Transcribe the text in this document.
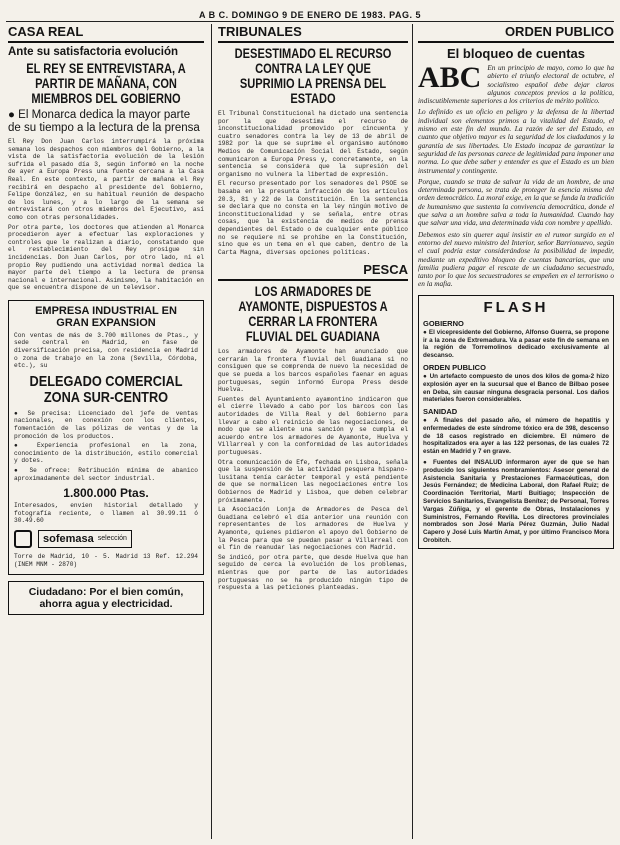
A B C. DOMINGO 9 DE ENERO DE 1983. PAG. 5
CASA REAL
Ante su satisfactoria evolución
EL REY SE ENTREVISTARA, A PARTIR DE MAÑANA, CON MIEMBROS DEL GOBIERNO
● El Monarca dedica la mayor parte de su tiempo a la lectura de la prensa

El Rey Don Juan Carlos interrumpirá la próxima semana los despachos con miembros del Gobierno, a la vista de la satisfactoria evolución de la lesión sufrida el pasado día 3, según informó en la noche de ayer a Europa Press una fuente cercana a la Casa Real. En este contexto, a partir de mañana el Rey recibirá en despacho al presidente del Gobierno, Felipe González, en su habitual reunión de despacho de los lunes, y a lo largo de la semana se entrevistará con otros miembros del Ejecutivo, así como con otras personalidades.

Por otra parte, los doctores que atienden al Monarca procedieron ayer a efectuar las exploraciones y controles que le realizan a diario, constatando que el restablecimiento del Rey prosigue sin incidencias. Don Juan Carlos, por otro lado, ni el propio Rey pudiendo una actividad normal dedica la mayor parte del tiempo a la lectura de prensa nacional e internacional. Asimismo, la habitación en que se encuentra dispone de un televisor.

EMPRESA INDUSTRIAL EN
GRAN EXPANSION

Con ventas de más de 3.700 millones de Ptas., y sede central en Madrid, en fase de diversificación precisa, con residencia en Madrid o zona de trabajo en la zona (Sevilla, Córdoba, etc.), su

DELEGADO COMERCIAL ZONA SUR-CENTRO

● Se precisa: Licenciado del jefe de ventas nacionales, en conexión con los clientes, fomentación de las pólizas de ventas y de la promoción de los productos.

● Experiencia profesional en la zona, conocimiento de la distribución, estilo comercial y dotes.

● Se ofrece: Retribución mínima de abanico aproximadamente del sector industrial.

1.800.000 Ptas.

Interesados, envíen historial detallado y fotografía reciente, o llamen al 30.99.11 ó 30.49.60

sofemasa selección

Torre de Madrid, 10 - 5. Madrid 13 Ref. 12.294 (INEM MNM - 2870)

Ciudadano: Por el bien común, ahorra agua y electricidad.
TRIBUNALES
DESESTIMADO EL RECURSO CONTRA LA LEY QUE SUPRIMIO LA PRENSA DEL ESTADO

El Tribunal Constitucional ha dictado una sentencia por la que desestima el recurso de inconstitucionalidad promovido por cincuenta y cuatro senadores contra la ley de 13 de abril de 1982 por la que se suprime el organismo autónomo Medios de Comunicación Social del Estado, según comunicaron a Europa Press y, concretamente, en la sentencia se considera que la supresión del organismo no vulnera la libertad de expresión.

El recurso presentado por los senadores del PSOE se basaba en la presunta infracción de los artículos 20.3, 81 y 22 de la Constitución. En la sentencia se declara que no consta en la ley ningún motivo de inconstitucionalidad y se señala, entre otras cosas, que la existencia de medios de prensa dependientes del Estado o de cualquier ente público no se requiere ni se prohíbe en la Constitución, sino que es un tema en el que caben, dentro de la Carta Magna, diversas opciones políticas.

PESCA
LOS ARMADORES DE AYAMONTE, DISPUESTOS A CERRAR LA FRONTERA FLUVIAL DEL GUADIANA

Los armadores de Ayamonte han anunciado que cerrarán la frontera fluvial del Guadiana si no consiguen que se comprenda de nuevo la necesidad de que se pueda a los barcos españoles faenar en aguas portuguesas, según informó Europa Press desde Huelva.

Fuentes del Ayuntamiento ayamontino indicaron que el cierre llevado a cabo por los barcos con las autoridades de Villa Real y del Gobierno para llevar a cabo el reinicio de las negociaciones, de modo que se aliente una sanción y se cumpla el acuerdo entre los armadores de Ayamonte, Huelva y Villarreal y con la conformidad de las autoridades portuguesas.

Otra comunicación de Efe, fechada en Lisboa, señala que la suspensión de la actividad pesquera hispano-lusitana tenía carácter temporal y está pendiente de que se normalicen las negociaciones entre los Gobiernos de Madrid y Lisboa, que deben celebrar próximamente.

La Asociación Lonja de Armadores de Pesca del Guadiana celebró el día anterior una reunión con representantes de los armadores de Huelva y Ayamonte, quienes pidieron el apoyo del Gobierno de la Pesca para que se puedan pasar a Villarreal con el fin de reanudar las negociaciones con Madrid.

Se indicó, por otra parte, que desde Huelva que han seguido de cerca la evolución de los problemas, mientras que por parte de las autoridades portuguesas no se ha producido ningún tipo de respuesta a las peticiones planteadas.

ORDEN PUBLICO
El bloqueo de cuentas
ABC En un principio de mayo, como lo que ha abierto el triunfo electoral de octubre, el socialismo español debe dejar claros algunos conceptos previos a la política, indiscutiblemente superiores a los criterios de mérito político.

Lo definido es un oficio en peligro y la defensa de la libertad individual son elementos primos a la vitalidad del Estado, el mismo en este fin del mundo. La razón de ser del Estado, en cuanto que objetivo mayor es la seguridad de los ciudadanos y la garantía de sus libertades. Un Estado incapaz de garantizar la seguridad de las personas carece de legitimidad para imponer una norma. Lo que debe saber y entender es que el Estado es un bien instrumental y contingente.

Porque, cuando se trata de salvar la vida de un hombre, de una determinada persona, se trata de proteger la esencia misma del orden democrático. La moral exige, en la que se funda la tradición de humanismo que sustenta la convivencia democrática, donde el que salva a un hombre salva a toda la humanidad. Cuando hay que salvar una vida, una determinada vida con nombre y apellido.

Debemos esto sin querer aquí insistir en el rumor surgido en el entorno del nuevo ministro del Interior, señor Barrionuevo, según el cual podría estar considerándose la posibilidad de impedir, mediante un expeditivo bloqueo de cuentas bancarias, que una familia pudiera pagar el rescate de un ciudadano secuestrado, tanto por lo que los secuestradores se empeñen en el terrorismo o en la mafia.

FLASH
GOBIERNO

● El vicepresidente del Gobierno, Alfonso Guerra, se propone ir a la zona de Extremadura. Va a pasar este fin de semana en la región de Torremolinos dedicado exclusivamente al descanso.

ORDEN PUBLICO

● Un artefacto compuesto de unos dos kilos de goma-2 hizo explosión ayer en la sucursal que el Banco de Bilbao posee en Deba, sin causar ninguna desgracia personal. Los daños materiales fueron considerables.

SANIDAD

● A finales del pasado año, el número de hepatitis y enfermedades de este síndrome tóxico era de 398, descenso de 18 casos registrado en diciembre. El número de hospitalizados era ayer a las 122 personas, de las cuales 72 están en Madrid y 7 en grave.

● Fuentes del INSALUD informaron ayer de que se han producido los siguientes nombramientos: Asesor general de Asistencia Sanitaria y Prestaciones Farmacéuticas, don Jesús Fernández; de Medicina Laboral, don Rafael Ruiz; de Coordinación Territorial, Martí Buitiago; Inspección de Servicios Sanitarios, Evangelista Benítez; de Personal, Torres Vargas Zúñiga, y el gerente de Obras, Instalaciones y Suministros, Fernando Revilla. Los directores provinciales nombrados son José María Pérez Guzmán, Julio Nadal Capero y José Luis Martín Amat, y por último Francisco Mora Orobitch.
